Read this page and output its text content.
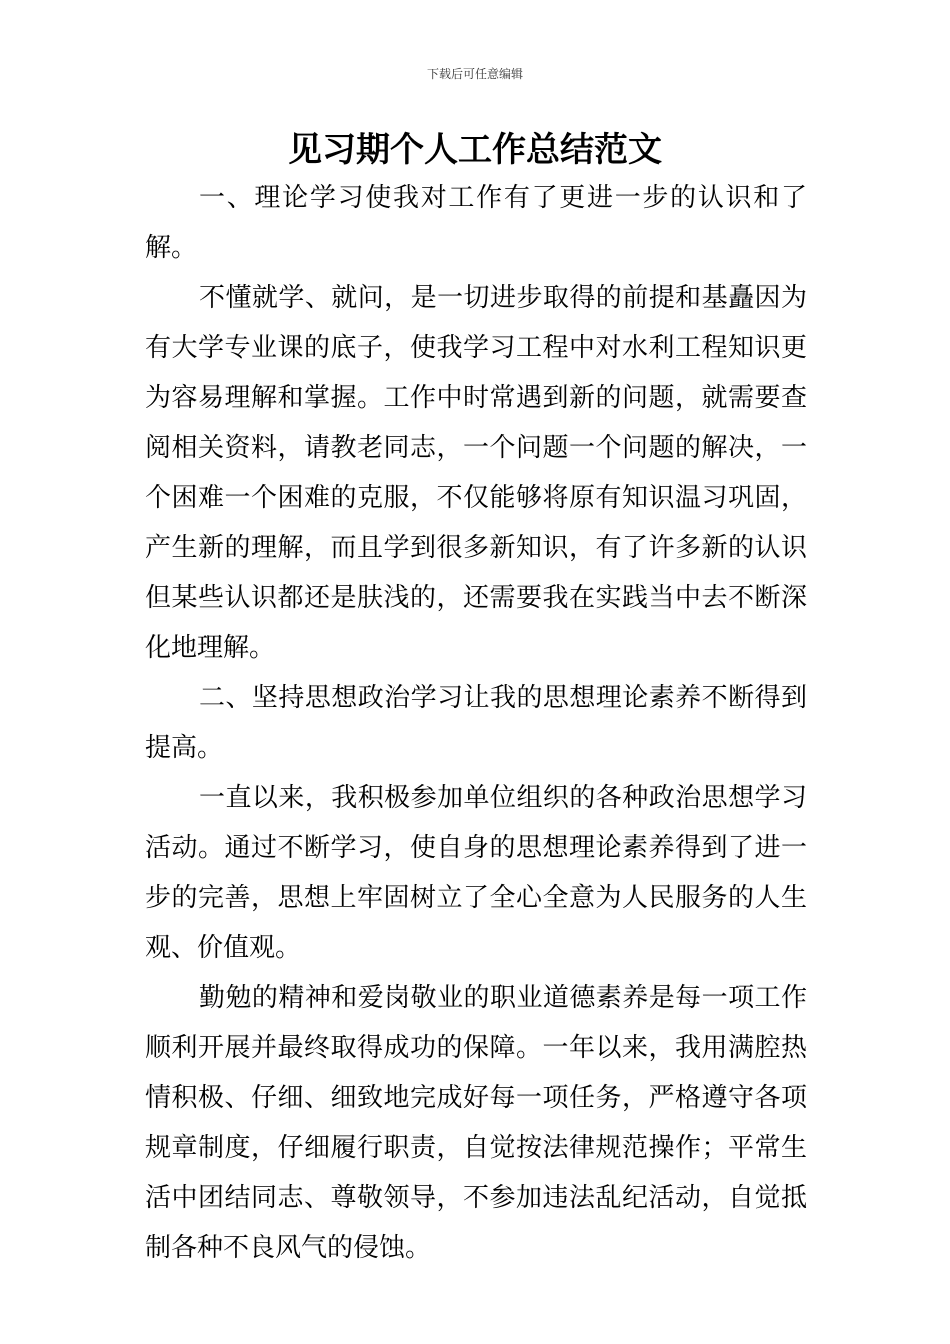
下载后可任意编辑
见习期个人工作总结范文

一、理论学习使我对工作有了更进一步的认识和了解。

不懂就学、就问，是一切进步取得的前提和基矗因为有大学专业课的底子，使我学习工程中对水利工程知识更为容易理解和掌握。工作中时常遇到新的问题，就需要查阅相关资料，请教老同志，一个问题一个问题的解决，一个困难一个困难的克服，不仅能够将原有知识温习巩固，产生新的理解，而且学到很多新知识，有了许多新的认识但某些认识都还是肤浅的，还需要我在实践当中去不断深化地理解。

二、坚持思想政治学习让我的思想理论素养不断得到提高。

一直以来，我积极参加单位组织的各种政治思想学习活动。通过不断学习，使自身的思想理论素养得到了进一步的完善，思想上牢固树立了全心全意为人民服务的人生观、价值观。

勤勉的精神和爱岗敬业的职业道德素养是每一项工作顺利开展并最终取得成功的保障。一年以来，我用满腔热情积极、仔细、细致地完成好每一项任务，严格遵守各项规章制度，仔细履行职责，自觉按法律规范操作；平常生活中团结同志、尊敬领导，不参加违法乱纪活动，自觉抵制各种不良风气的侵蚀。
